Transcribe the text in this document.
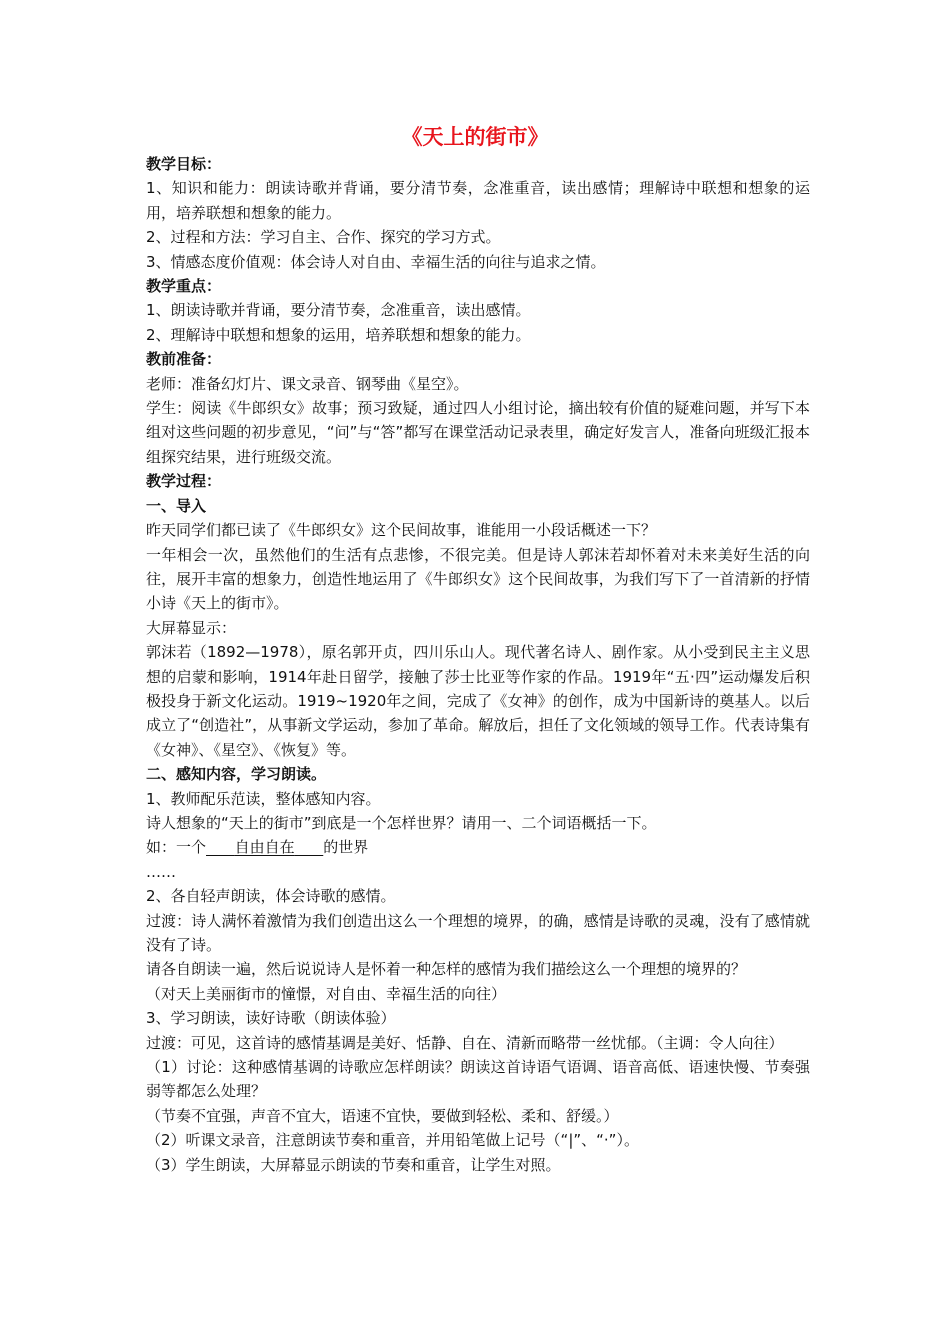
《天上的街市》

教学目标：

1、知识和能力：朗读诗歌并背诵，要分清节奏，念准重音，读出感情；理解诗中联想和想象的运用，培养联想和想象的能力。

2、过程和方法：学习自主、合作、探究的学习方式。

3、情感态度价值观：体会诗人对自由、幸福生活的向往与追求之情。

教学重点：

1、朗读诗歌并背诵，要分清节奏，念准重音，读出感情。

2、理解诗中联想和想象的运用，培养联想和想象的能力。

教前准备：

老师：准备幻灯片、课文录音、钢琴曲《星空》。

学生：阅读《牛郎织女》故事；预习致疑，通过四人小组讨论，摘出较有价值的疑难问题，并写下本组对这些问题的初步意见，“问”与“答”都写在课堂活动记录表里，确定好发言人，准备向班级汇报本组探究结果，进行班级交流。

教学过程：

一、导入

昨天同学们都已读了《牛郎织女》这个民间故事，谁能用一小段话概述一下？

一年相会一次，虽然他们的生活有点悲惨，不很完美。但是诗人郭沫若却怀着对未来美好生活的向往，展开丰富的想象力，创造性地运用了《牛郎织女》这个民间故事，为我们写下了一首清新的抒情小诗《天上的街市》。

大屏幕显示：

郭沫若（1892—1978），原名郭开贞，四川乐山人。现代著名诗人、剧作家。从小受到民主主义思想的启蒙和影响，1914年赴日留学，接触了莎士比亚等作家的作品。1919年“五·四”运动爆发后积极投身于新文化运动。1919~1920年之间，完成了《女神》的创作，成为中国新诗的奠基人。以后成立了“创造社”，从事新文学运动，参加了革命。解放后，担任了文化领域的领导工作。代表诗集有《女神》、《星空》、《恢复》等。

二、感知内容，学习朗读。

1、教师配乐范读，整体感知内容。

诗人想象的“天上的街市”到底是一个怎样世界？请用一、二个词语概括一下。

如：一个 自由自在 的世界

……

2、各自轻声朗读，体会诗歌的感情。

过渡：诗人满怀着激情为我们创造出这么一个理想的境界，的确，感情是诗歌的灵魂，没有了感情就没有了诗。

请各自朗读一遍，然后说说诗人是怀着一种怎样的感情为我们描绘这么一个理想的境界的？

（对天上美丽街市的憧憬，对自由、幸福生活的向往）

3、学习朗读，读好诗歌（朗读体验）

过渡：可见，这首诗的感情基调是美好、恬静、自在、清新而略带一丝忧郁。（主调：令人向往）

（1）讨论：这种感情基调的诗歌应怎样朗读？朗读这首诗语气语调、语音高低、语速快慢、节奏强弱等都怎么处理？

（节奏不宜强，声音不宜大，语速不宜快，要做到轻松、柔和、舒缓。）

（2）听课文录音，注意朗读节奏和重音，并用铅笔做上记号（“|”、“·”）。

（3）学生朗读，大屏幕显示朗读的节奏和重音，让学生对照。
